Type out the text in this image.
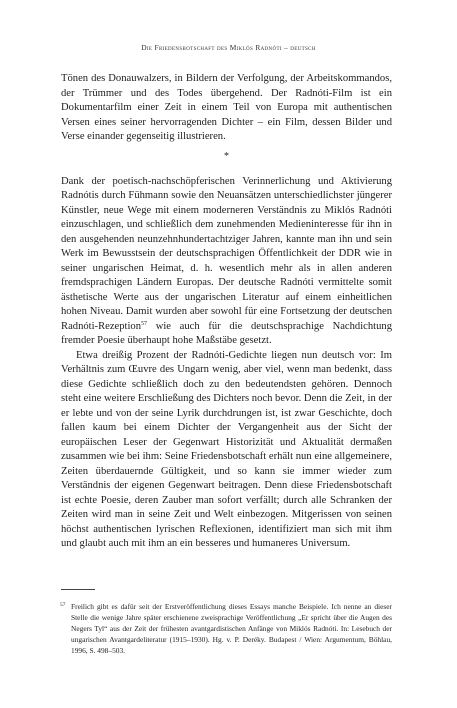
Die Friedensbotschaft des Miklós Radnóti – deutsch

Tönen des Donauwalzers, in Bildern der Verfolgung, der Arbeitskommandos, der Trümmer und des Todes übergehend. Der Radnóti-Film ist ein Dokumentarfilm einer Zeit in einem Teil von Europa mit authentischen Versen eines seiner hervorragenden Dichter – ein Film, dessen Bilder und Verse einander gegenseitig illustrieren.

*

Dank der poetisch-nachschöpferischen Verinnerlichung und Aktivierung Radnótis durch Fühmann sowie den Neuansätzen unterschiedlichster jüngerer Künstler, neue Wege mit einem moderneren Verständnis zu Miklós Radnóti einzuschlagen, und schließlich dem zunehmenden Medieninteresse für ihn in den ausgehenden neunzehnhundertachtziger Jahren, kannte man ihn und sein Werk im Bewusstsein der deutschsprachigen Öffentlichkeit der DDR wie in seiner ungarischen Heimat, d. h. wesentlich mehr als in allen anderen fremdsprachigen Ländern Europas. Der deutsche Radnóti vermittelte somit ästhetische Werte aus der ungarischen Literatur auf einem einheitlichen hohen Niveau. Damit wurden aber sowohl für eine Fortsetzung der deutschen Radnóti-Rezeption$^{57}$ wie auch für die deutschsprachige Nachdichtung fremder Poesie überhaupt hohe Maßstäbe gesetzt.

Etwa dreißig Prozent der Radnóti-Gedichte liegen nun deutsch vor: Im Verhältnis zum Œuvre des Ungarn wenig, aber viel, wenn man bedenkt, dass diese Gedichte schließlich doch zu den bedeutendsten gehören. Dennoch steht eine weitere Erschließung des Dichters noch bevor. Denn die Zeit, in der er lebte und von der seine Lyrik durchdrungen ist, ist zwar Geschichte, doch fallen kaum bei einem Dichter der Vergangenheit aus der Sicht der europäischen Leser der Gegenwart Historizität und Aktualität dermaßen zusammen wie bei ihm: Seine Friedensbotschaft erhält nun eine allgemeinere, Zeiten überdauernde Gültigkeit, und so kann sie immer wieder zum Verständnis der eigenen Gegenwart beitragen. Denn diese Friedensbotschaft ist echte Poesie, deren Zauber man sofort verfällt; durch alle Schranken der Zeiten wird man in seine Zeit und Welt einbezogen. Mitgerissen von seinen höchst authentischen lyrischen Reflexionen, identifiziert man sich mit ihm und glaubt auch mit ihm an ein besseres und humaneres Universum.

57 Freilich gibt es dafür seit der Erstveröffentlichung dieses Essays manche Beispiele. Ich nenne an dieser Stelle die wenige Jahre später erschienene zweisprachige Veröffentlichung „Er spricht über die Augen des Negers Tyl“ aus der Zeit der frühesten avantgardistischen Anfänge von Miklós Radnóti. In: Lesebuch der ungarischen Avantgardeliteratur (1915–1930). Hg. v. P. Deréky. Budapest / Wien: Argumentum, Böhlau, 1996, S. 498–503.
